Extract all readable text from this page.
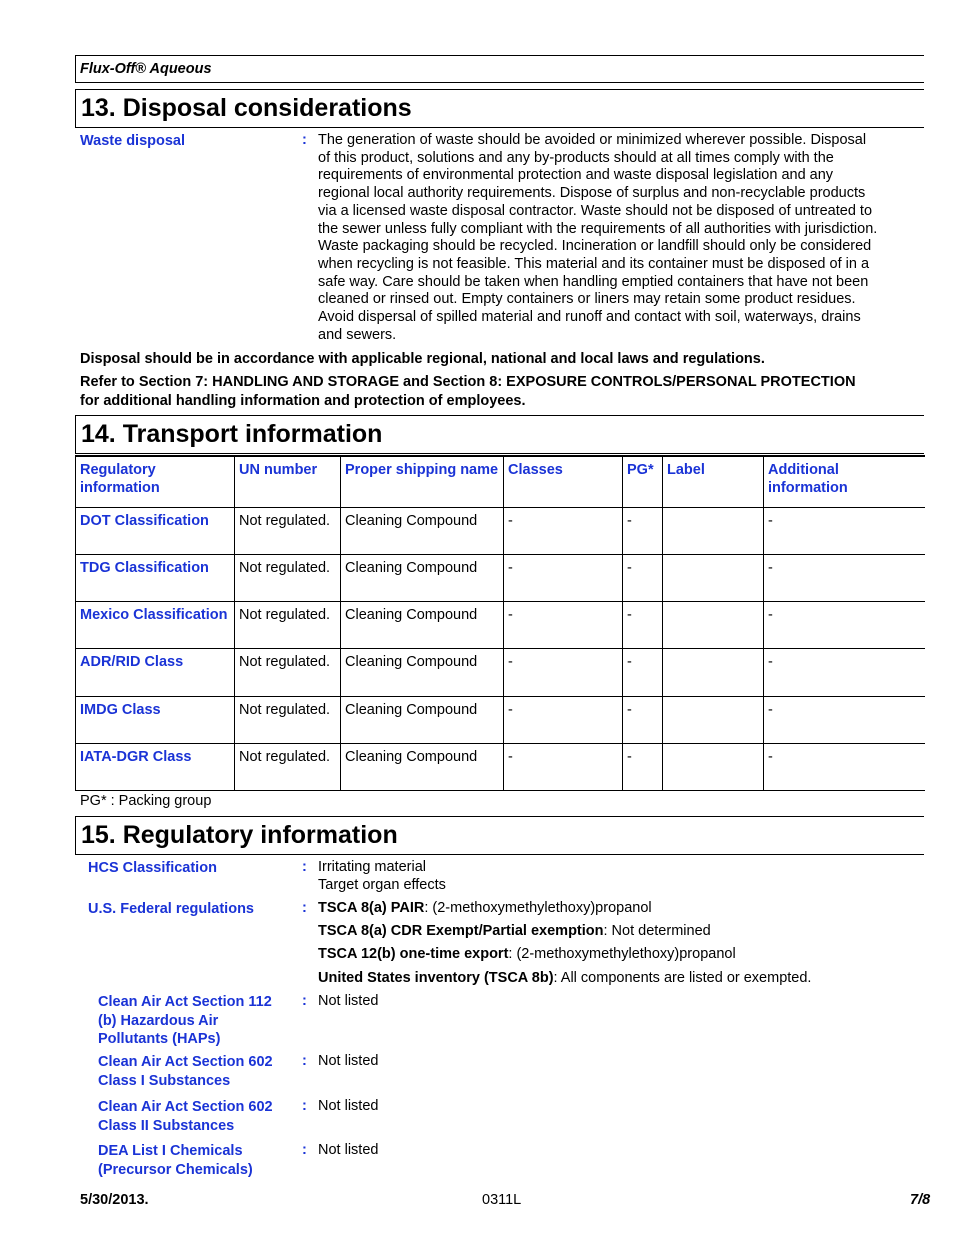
Flux-Off® Aqueous
13. Disposal considerations
Waste disposal	: The generation of waste should be avoided or minimized wherever possible. Disposal
of this product, solutions and any by-products should at all times comply with the
requirements of environmental protection and waste disposal legislation and any
regional local authority requirements. Dispose of surplus and non-recyclable products
via a licensed waste disposal contractor. Waste should not be disposed of untreated to
the sewer unless fully compliant with the requirements of all authorities with jurisdiction.
Waste packaging should be recycled. Incineration or landfill should only be considered
when recycling is not feasible. This material and its container must be disposed of in a
safe way. Care should be taken when handling emptied containers that have not been
cleaned or rinsed out. Empty containers or liners may retain some product residues.
Avoid dispersal of spilled material and runoff and contact with soil, waterways, drains
and sewers.
Disposal should be in accordance with applicable regional, national and local laws and regulations.
Refer to Section 7: HANDLING AND STORAGE and Section 8: EXPOSURE CONTROLS/PERSONAL PROTECTION
for additional handling information and protection of employees.
14. Transport information
Regulatory information	UN number	Proper shipping name	Classes	PG*	Label	Additional information
DOT Classification	Not regulated.	Cleaning Compound	-	-		-
TDG Classification	Not regulated.	Cleaning Compound	-	-		-
Mexico Classification	Not regulated.	Cleaning Compound	-	-		-
ADR/RID Class	Not regulated.	Cleaning Compound	-	-		-
IMDG Class	Not regulated.	Cleaning Compound	-	-		-
IATA-DGR Class	Not regulated.	Cleaning Compound	-	-		-
PG* : Packing group
15. Regulatory information
HCS Classification	: Irritating material
Target organ effects
U.S. Federal regulations	: TSCA 8(a) PAIR: (2-methoxymethylethoxy)propanol
TSCA 8(a) CDR Exempt/Partial exemption: Not determined
TSCA 12(b) one-time export: (2-methoxymethylethoxy)propanol
United States inventory (TSCA 8b): All components are listed or exempted.
Clean Air Act Section 112
(b) Hazardous Air
Pollutants (HAPs)
: Not listed
Clean Air Act Section 602
Class I Substances
: Not listed
Clean Air Act Section 602
Class II Substances
: Not listed
DEA List I Chemicals
(Precursor Chemicals)
: Not listed
5/30/2013.	0311L	7/8
